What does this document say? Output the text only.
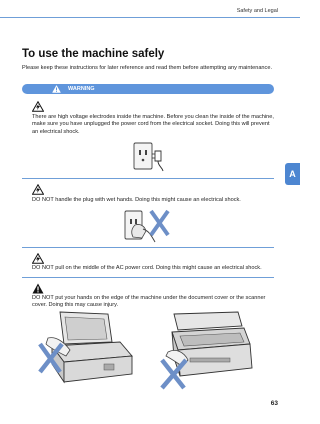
Safety and Legal
A
To use the machine safely
Please keep these instructions for later reference and read them before attempting any maintenance.
WARNING
There are high voltage electrodes inside the machine. Before you clean the inside of the machine, make sure you have unplugged the power cord from the electrical socket. Doing this will prevent an electrical shock.
DO NOT handle the plug with wet hands. Doing this might cause an electrical shock.
DO NOT pull on the middle of the AC power cord. Doing this might cause an electrical shock.
DO NOT put your hands on the edge of the machine under the document cover or the scanner cover. Doing this may cause injury.
63
